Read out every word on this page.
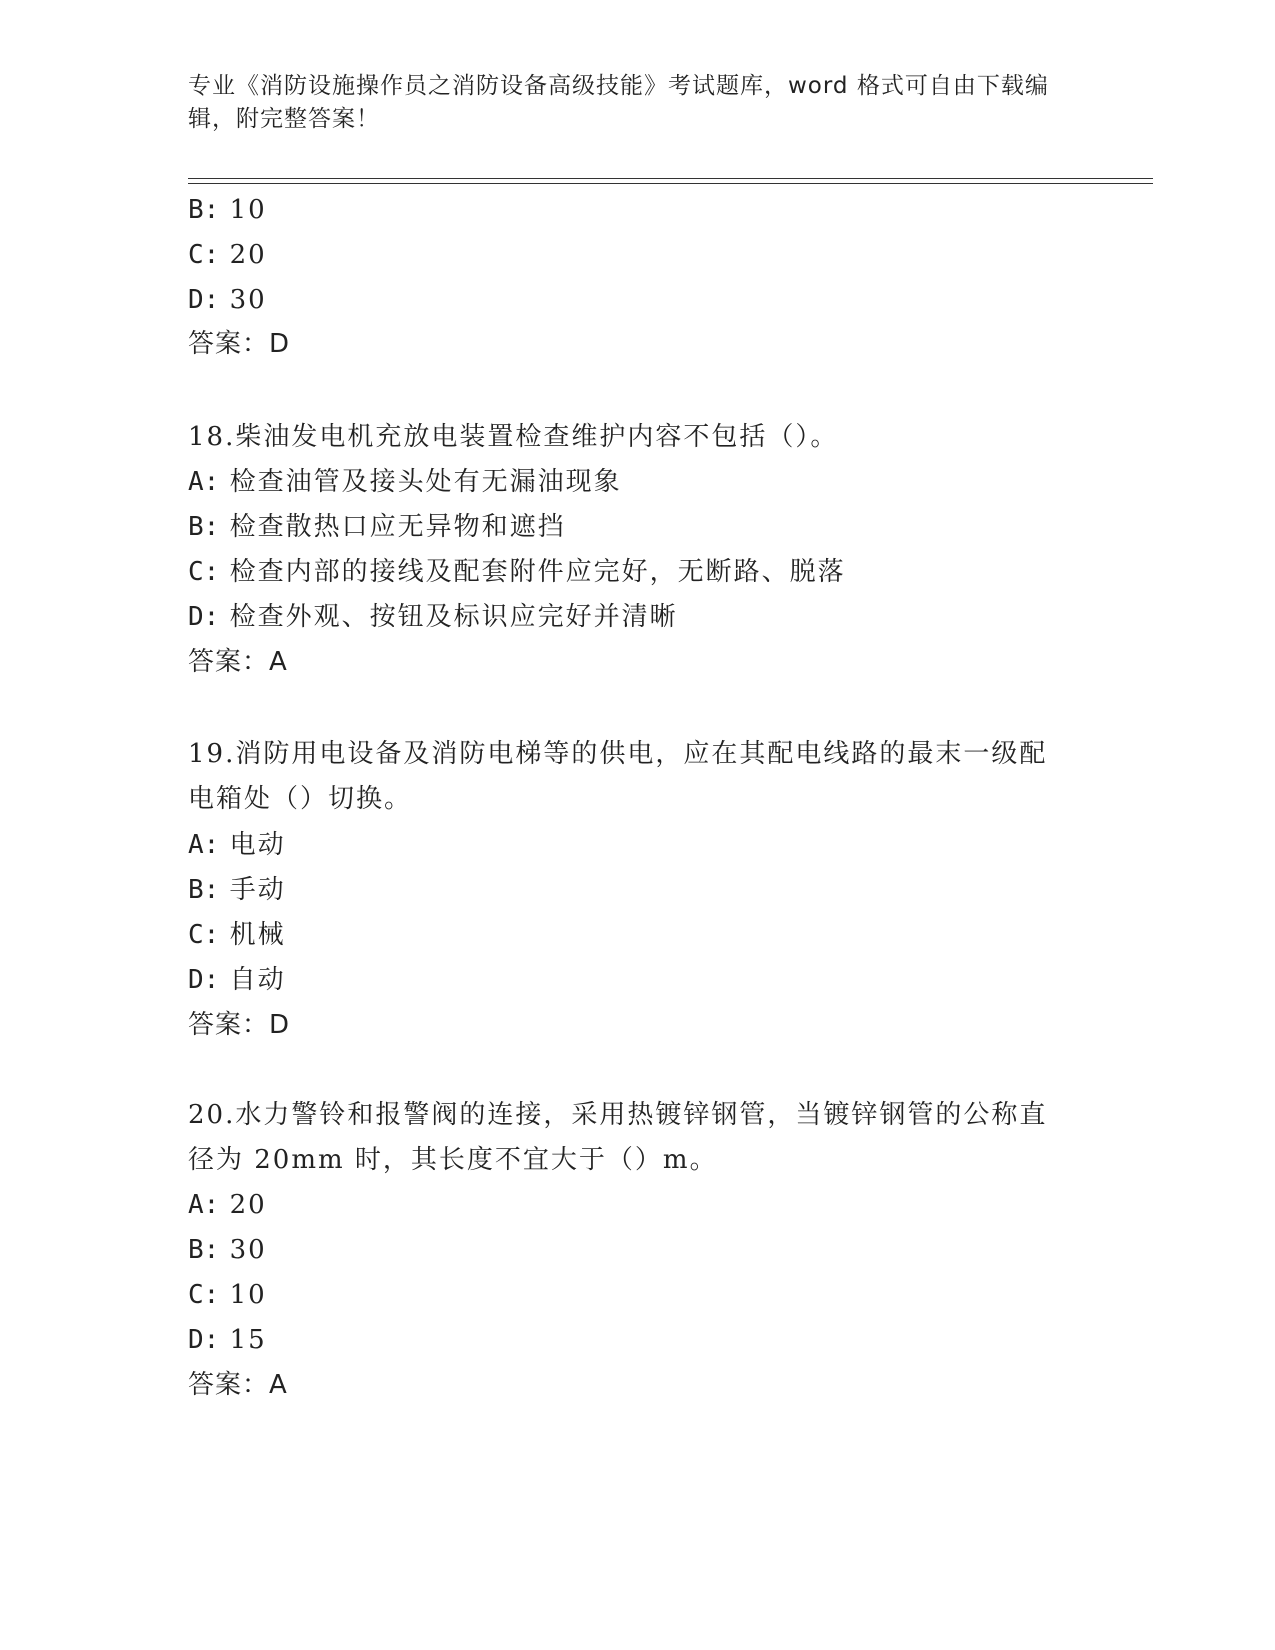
专业《消防设施操作员之消防设备高级技能》考试题库，word 格式可自由下载编辑，附完整答案！
B: 10
C: 20
D: 30
答案：D
18.柴油发电机充放电装置检查维护内容不包括（）。
A: 检查油管及接头处有无漏油现象
B: 检查散热口应无异物和遮挡
C: 检查内部的接线及配套附件应完好，无断路、脱落
D: 检查外观、按钮及标识应完好并清晰
答案：A
19.消防用电设备及消防电梯等的供电，应在其配电线路的最末一级配
电箱处（）切换。
A: 电动
B: 手动
C: 机械
D: 自动
答案：D
20.水力警铃和报警阀的连接，采用热镀锌钢管，当镀锌钢管的公称直
径为 20mm 时，其长度不宜大于（）m。
A: 20
B: 30
C: 10
D: 15
答案：A
